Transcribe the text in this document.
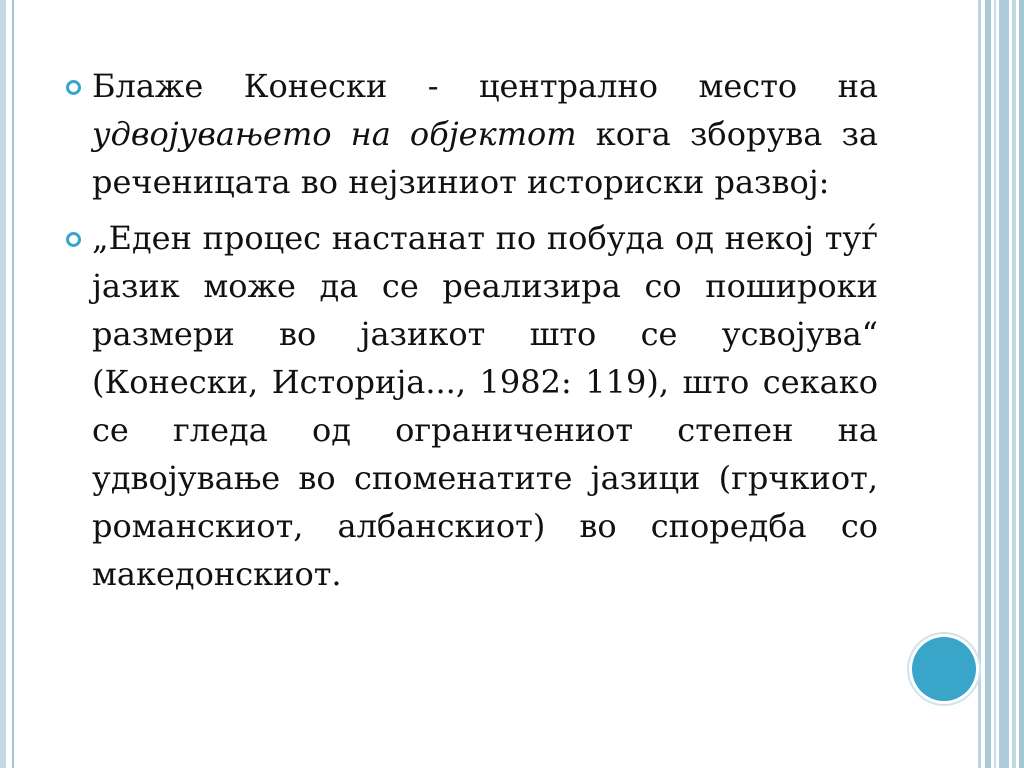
Блаже Конески - централно место на удвојувањето на објектот кога зборува за реченицата во нејзиниот историски развој:

„Еден процес настанат по побуда од некој туѓ јазик може да се реализира со пошироки размери во јазикот што се усвојува“ (Конески, Историја..., 1982: 119), што секако се гледа од ограничениот степен на удвојување во споменатите јазици (грчкиот, романскиот, албанскиот) во споредба со македонскиот.
